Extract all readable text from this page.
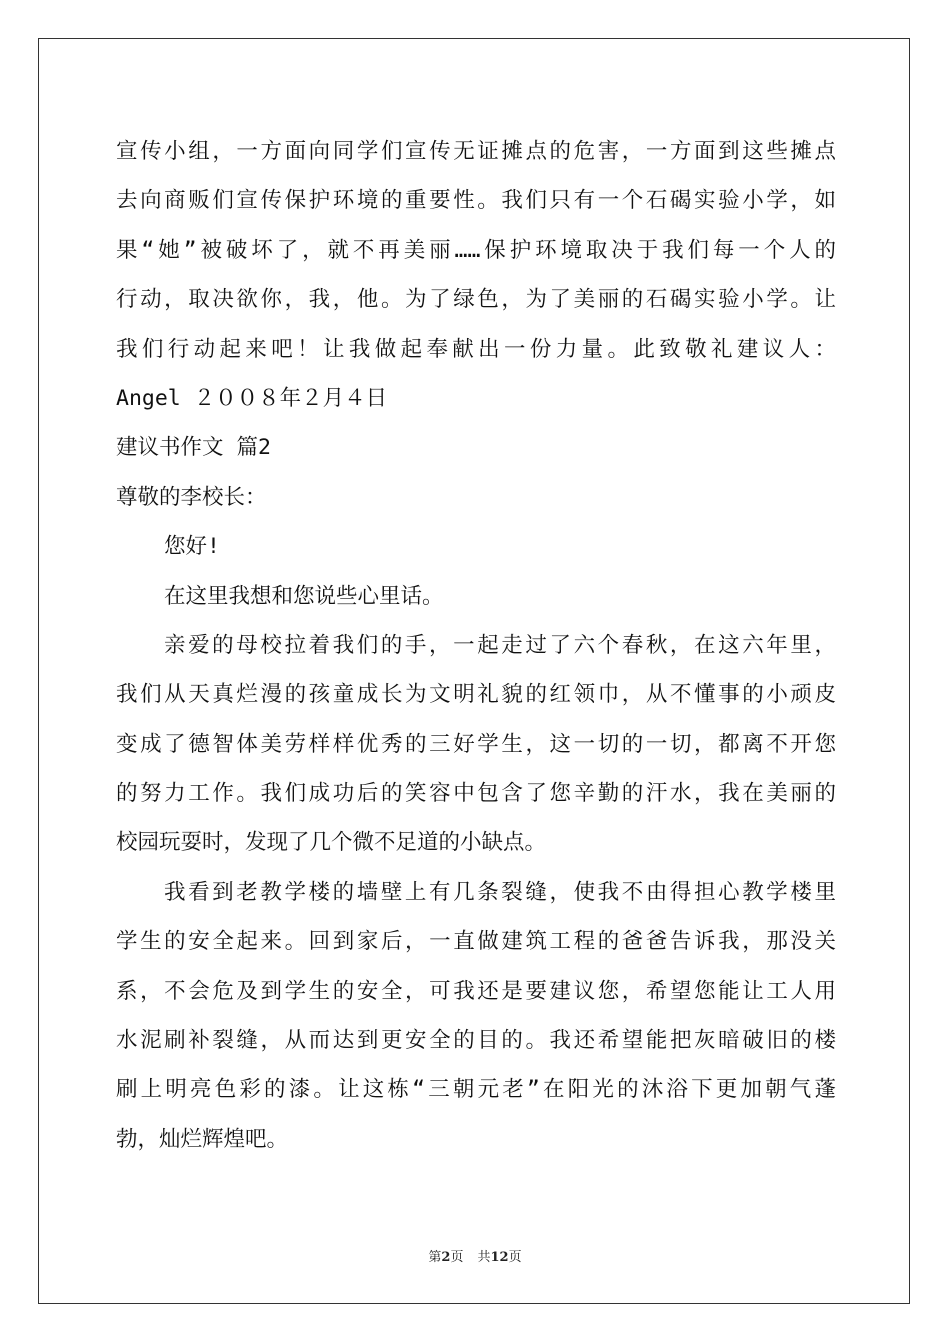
宣传小组，一方面向同学们宣传无证摊点的危害，一方面到这些摊点
去向商贩们宣传保护环境的重要性。我们只有一个石碣实验小学，如
果“她”被破坏了，就不再美丽……保护环境取决于我们每一个人的
行动，取决欲你，我，他。为了绿色，为了美丽的石碣实验小学。让
我们行动起来吧！让我做起奉献出一份力量。此致敬礼建议人：
Angel ２００８年２月４日
建议书作文 篇2
尊敬的李校长：
您好!
在这里我想和您说些心里话。
亲爱的母校拉着我们的手，一起走过了六个春秋，在这六年里，
我们从天真烂漫的孩童成长为文明礼貌的红领巾，从不懂事的小顽皮
变成了德智体美劳样样优秀的三好学生，这一切的一切，都离不开您
的努力工作。我们成功后的笑容中包含了您辛勤的汗水，我在美丽的
校园玩耍时，发现了几个微不足道的小缺点。
我看到老教学楼的墙壁上有几条裂缝，使我不由得担心教学楼里
学生的安全起来。回到家后，一直做建筑工程的爸爸告诉我，那没关
系，不会危及到学生的安全，可我还是要建议您，希望您能让工人用
水泥刷补裂缝，从而达到更安全的目的。我还希望能把灰暗破旧的楼
刷上明亮色彩的漆。让这栋“三朝元老”在阳光的沐浴下更加朝气蓬
勃，灿烂辉煌吧。
第2页 共12页
